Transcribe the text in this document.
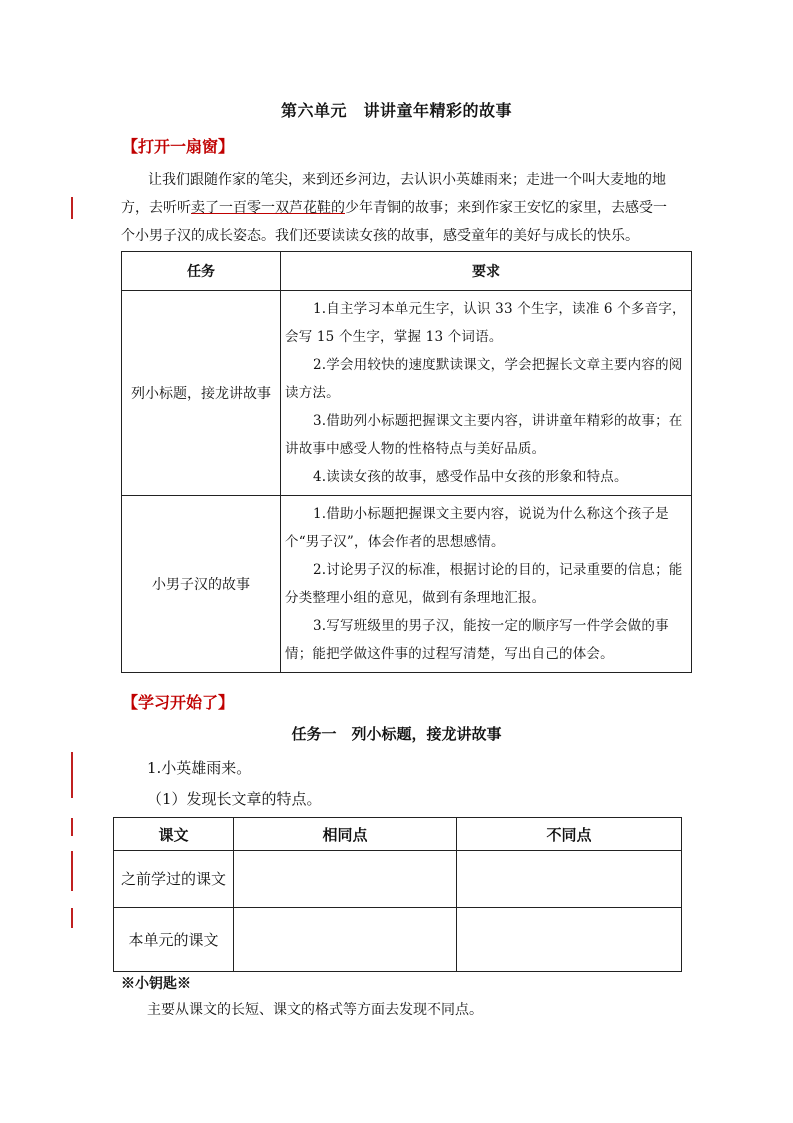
第六单元　讲讲童年精彩的故事
【打开一扇窗】
让我们跟随作家的笔尖，来到还乡河边，去认识小英雄雨来；走进一个叫大麦地的地
方，去听听卖了一百零一双芦花鞋的少年青铜的故事；来到作家王安忆的家里，去感受一
个小男子汉的成长姿态。我们还要读读女孩的故事，感受童年的美好与成长的快乐。
任务	要求
列小标题，接龙讲故事	1.自主学习本单元生字，认识 33 个生字，读准 6 个多音字，会写 15 个生字，掌握 13 个词语。
2.学会用较快的速度默读课文，学会把握长文章主要内容的阅读方法。
3.借助列小标题把握课文主要内容，讲讲童年精彩的故事；在讲故事中感受人物的性格特点与美好品质。
4.读读女孩的故事，感受作品中女孩的形象和特点。

小男子汉的故事	1.借助小标题把握课文主要内容，说说为什么称这个孩子是个“男子汉”，体会作者的思想感情。
2.讨论男子汉的标准，根据讨论的目的，记录重要的信息；能分类整理小组的意见，做到有条理地汇报。
3.写写班级里的男子汉，能按一定的顺序写一件学会做的事情；能把学做这件事的过程写清楚，写出自己的体会。
【学习开始了】
任务一　列小标题，接龙讲故事
1.小英雄雨来。
（1）发现长文章的特点。
课文	相同点	不同点

之前学过的课文		

本单元的课文		
※小钥匙※
主要从课文的长短、课文的格式等方面去发现不同点。
